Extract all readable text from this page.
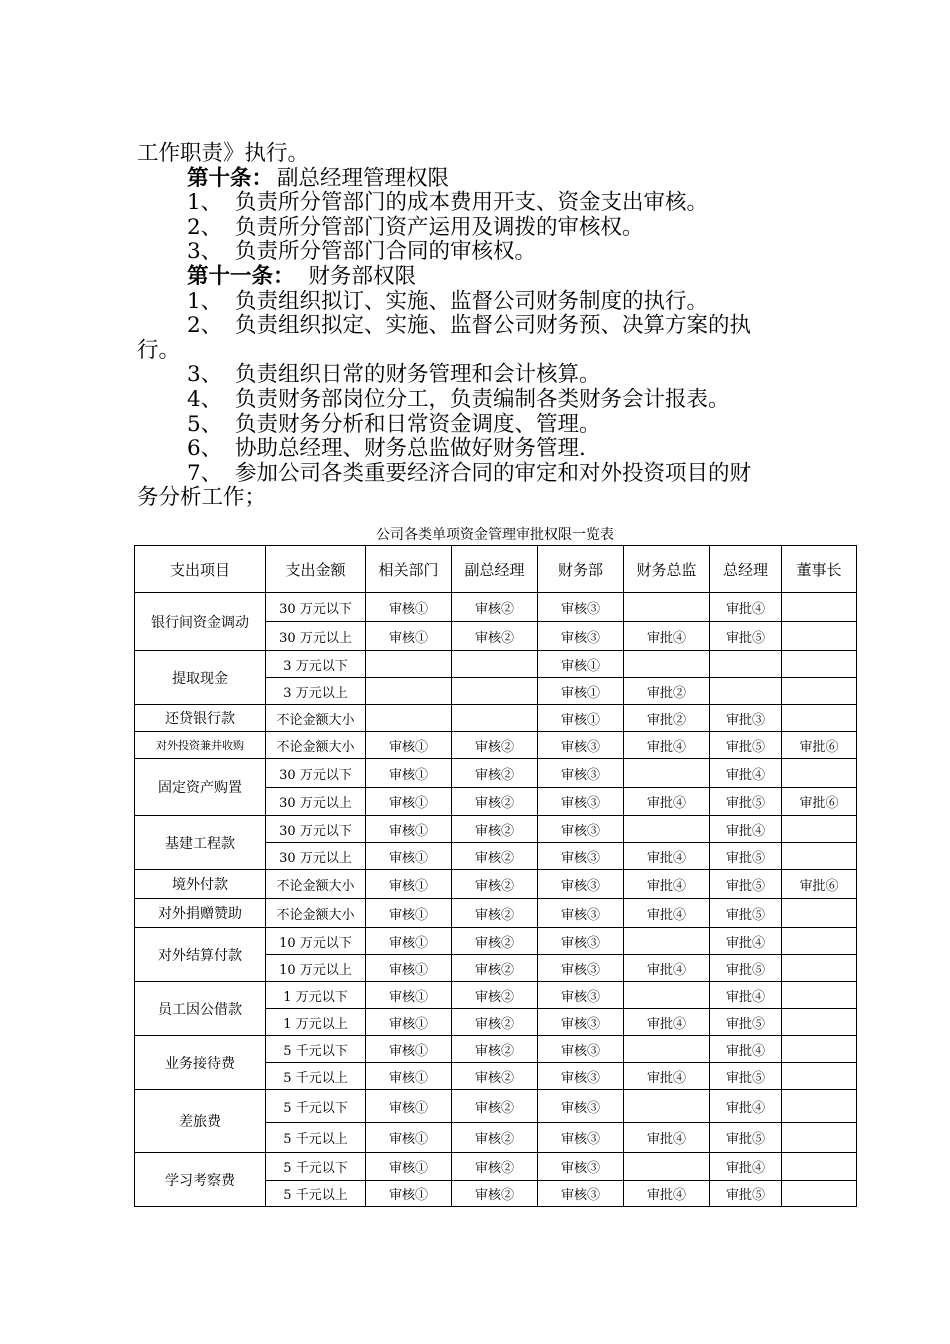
工作职责》执行。

第十条： 副总经理管理权限

1、 负责所分管部门的成本费用开支、资金支出审核。

2、 负责所分管部门资产运用及调拨的审核权。

3、 负责所分管部门合同的审核权。

第十一条： 财务部权限

1、 负责组织拟订、实施、监督公司财务制度的执行。

2、 负责组织拟定、实施、监督公司财务预、决算方案的执

行。

3、 负责组织日常的财务管理和会计核算。

4、 负责财务部岗位分工，负责编制各类财务会计报表。

5、 负责财务分析和日常资金调度、管理。

6、 协助总经理、财务总监做好财务管理.

7、 参加公司各类重要经济合同的审定和对外投资项目的财

务分析工作；

公司各类单项资金管理审批权限一览表
支出项目	支出金额	相关部门	副总经理	财务部	财务总监	总经理	董事长
银行间资金调动	30 万元以下	审核①	审核②	审核③		审批④	
	30 万元以上	审核①	审核②	审核③	审批④	审批⑤	
提取现金	3 万元以下			审核①			
	3 万元以上			审核①	审批②		
还贷银行款	不论金额大小			审核①	审批②	审批③	
对外投资兼并收购	不论金额大小	审核①	审核②	审核③	审批④	审批⑤	审批⑥
固定资产购置	30 万元以下	审核①	审核②	审核③		审批④	
	30 万元以上	审核①	审核②	审核③	审批④	审批⑤	审批⑥
基建工程款	30 万元以下	审核①	审核②	审核③		审批④	
	30 万元以上	审核①	审核②	审核③	审批④	审批⑤	
境外付款	不论金额大小	审核①	审核②	审核③	审批④	审批⑤	审批⑥
对外捐赠赞助	不论金额大小	审核①	审核②	审核③	审批④	审批⑤	
对外结算付款	10 万元以下	审核①	审核②	审核③		审批④	
	10 万元以上	审核①	审核②	审核③	审批④	审批⑤	
员工因公借款	1 万元以下	审核①	审核②	审核③		审批④	
	1 万元以上	审核①	审核②	审核③	审批④	审批⑤	
业务接待费	5 千元以下	审核①	审核②	审核③		审批④	
	5 千元以上	审核①	审核②	审核③	审批④	审批⑤	
差旅费	5 千元以下	审核①	审核②	审核③		审批④	
	5 千元以上	审核①	审核②	审核③	审批④	审批⑤	
学习考察费	5 千元以下	审核①	审核②	审核③		审批④	
	5 千元以上	审核①	审核②	审核③	审批④	审批⑤	
